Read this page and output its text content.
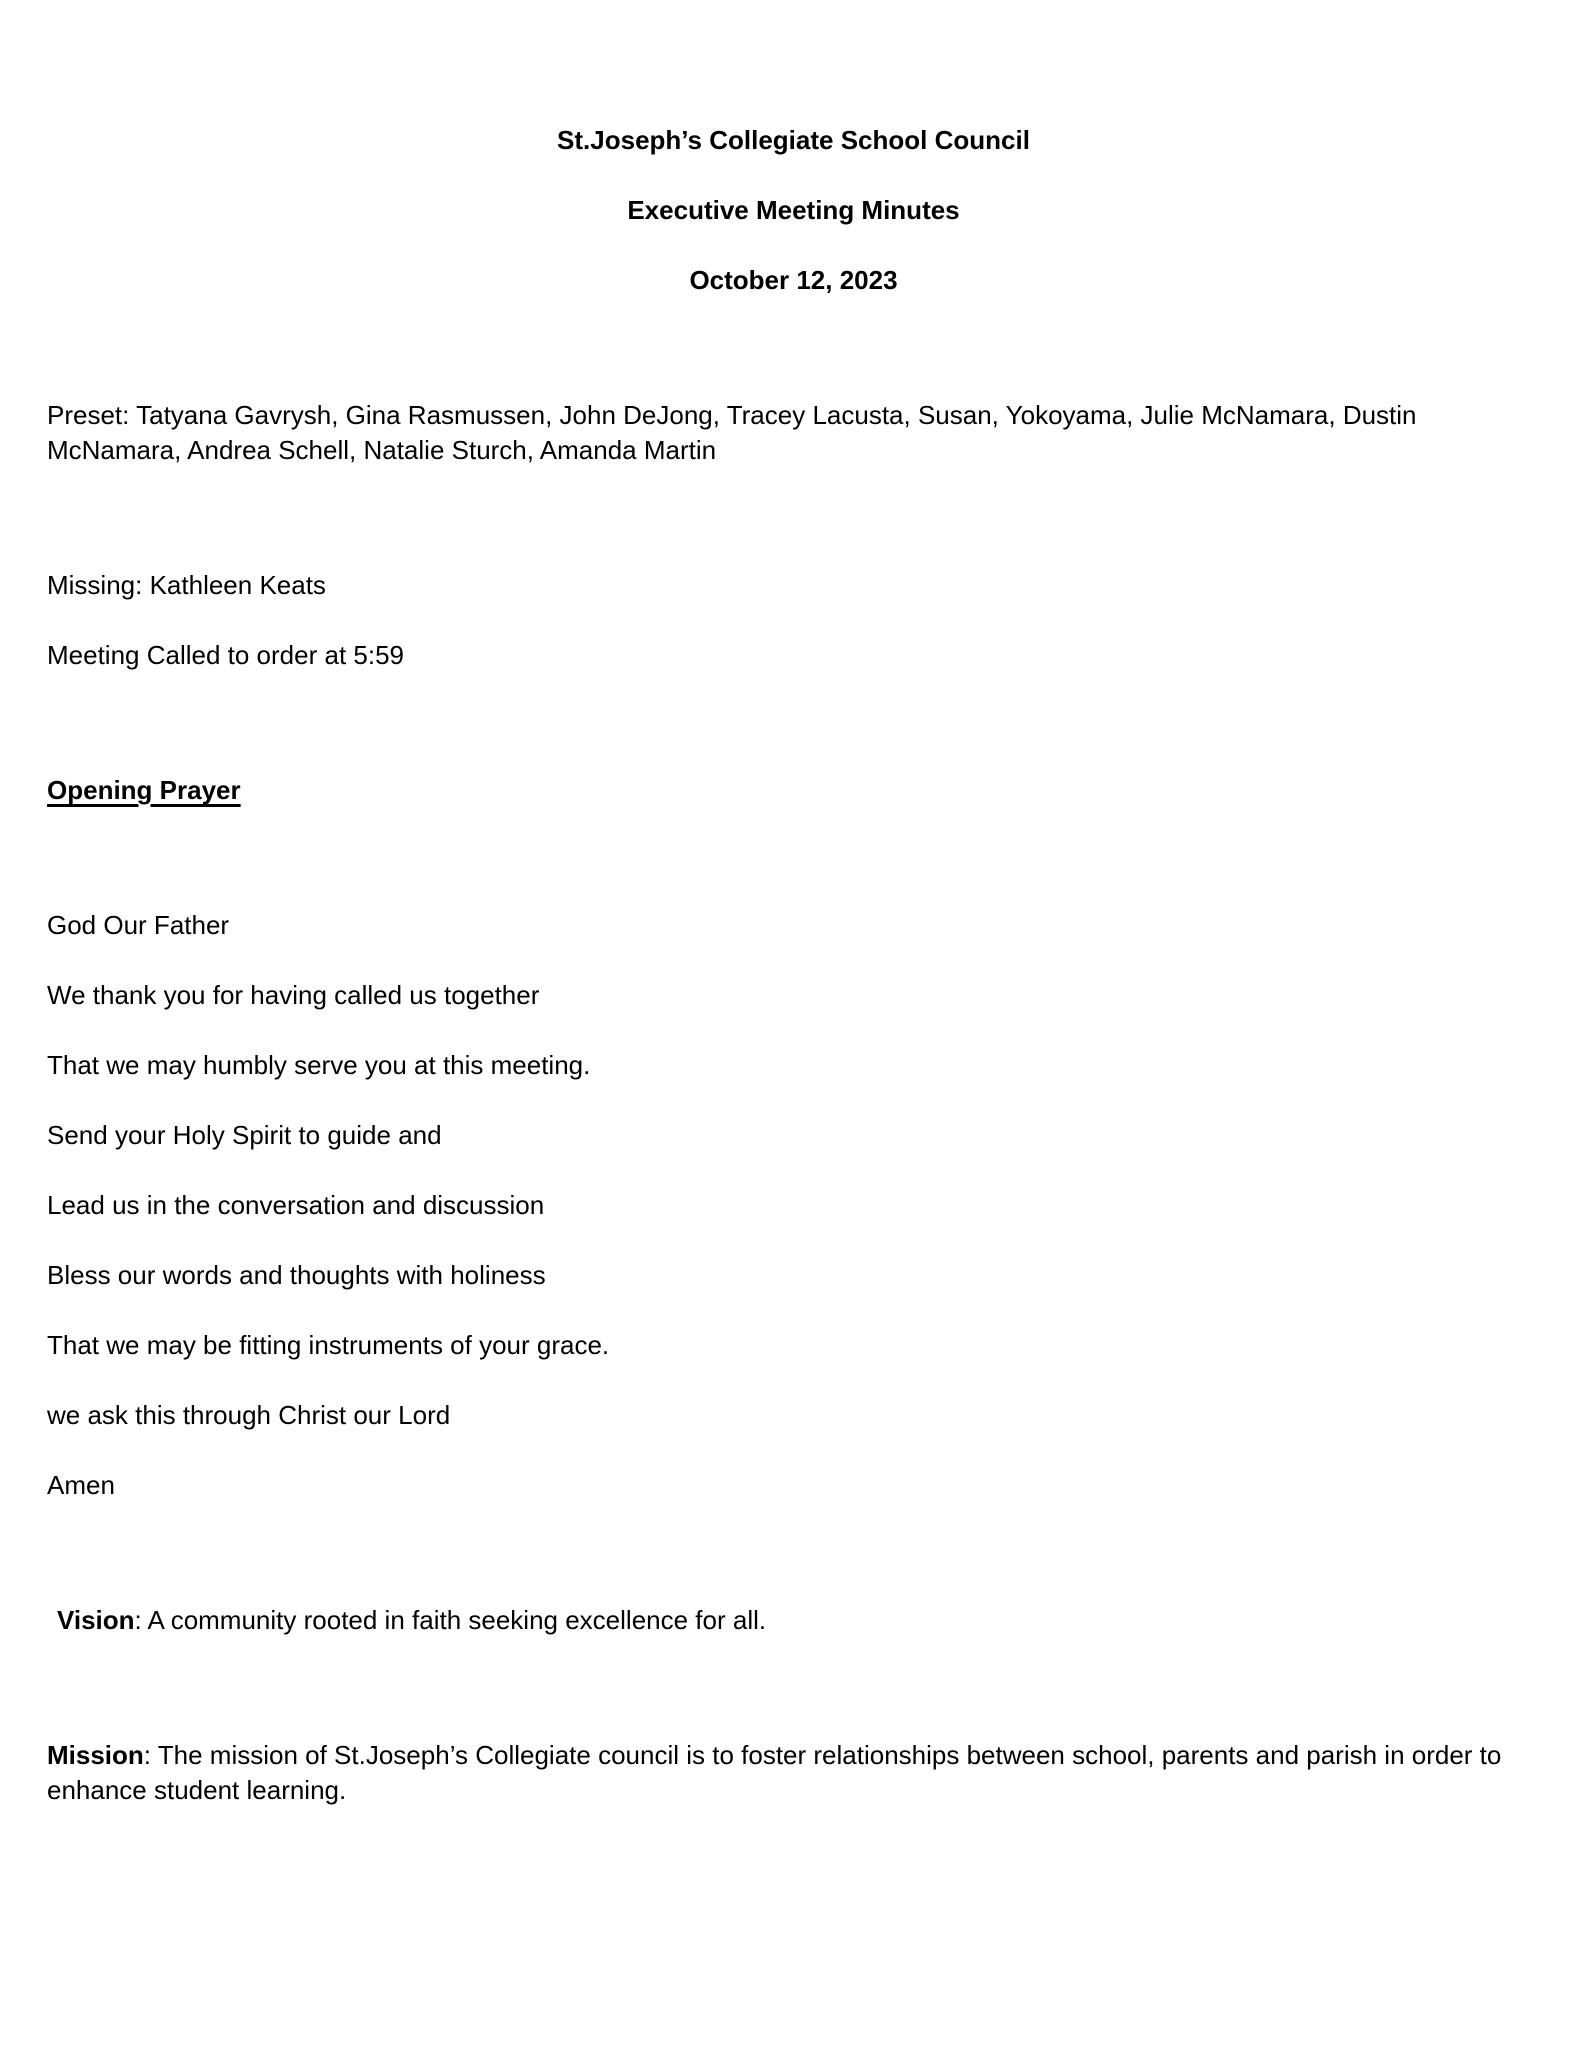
St.Joseph’s Collegiate School Council

Executive Meeting Minutes

October 12, 2023

Preset: Tatyana Gavrysh, Gina Rasmussen, John DeJong, Tracey Lacusta, Susan, Yokoyama, Julie McNamara, Dustin McNamara, Andrea Schell, Natalie Sturch, Amanda Martin

Missing: Kathleen Keats

Meeting Called to order at 5:59

Opening Prayer

God Our Father

We thank you for having called us together

That we may humbly serve you at this meeting.

Send your Holy Spirit to guide and

Lead us in the conversation and discussion

Bless our words and thoughts with holiness

That we may be fitting instruments of your grace.

we ask this through Christ our Lord

Amen

Vision: A community rooted in faith seeking excellence for all.

Mission: The mission of St.Joseph’s Collegiate council is to foster relationships between school, parents and parish in order to enhance student learning.
